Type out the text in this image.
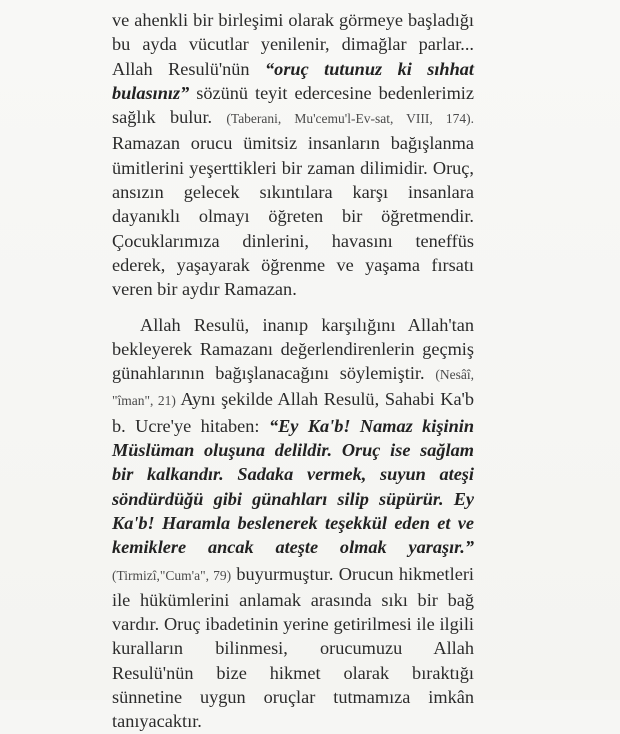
ve ahenkli bir birleşimi olarak görmeye başladığı bu ayda vücutlar yenilenir, dimağlar parlar... Allah Resulü'nün “oruç tutunuz ki sıhhat bulasınız” sözünü teyit edercesine bedenlerimiz sağlık bulur. (Taberani, Mu'cemu'l-Ev-sat, VIII, 174). Ramazan orucu ümitsiz insanların bağışlanma ümitlerini yeşerttikleri bir zaman dilimidir. Oruç, ansızın gelecek sıkıntılara karşı insanlara dayanıklı olmayı öğreten bir öğretmendir. Çocuklarımıza dinlerini, havasını teneffüs ederek, yaşayarak öğrenme ve yaşama fırsatı veren bir aydır Ramazan.

Allah Resulü, inanıp karşılığını Allah'tan bekleyerek Ramazanı değerlendirenlerin geçmiş günahlarının bağışlanacağını söylemiştir. (Nesâî, "îman", 21) Aynı şekilde Allah Resulü, Sahabi Ka'b b. Ucre'ye hitaben: “Ey Ka'b! Namaz kişinin Müslüman oluşuna delildir. Oruç ise sağlam bir kalkandır. Sadaka vermek, suyun ateşi söndürdüğü gibi günahları silip süpürür. Ey Ka'b! Haramla beslenerek teşekkül eden et ve kemiklere ancak ateşte olmak yaraşır.” (Tirmizî,"Cum'a", 79) buyurmuştur. Orucun hikmetleri ile hükümlerini anlamak arasında sıkı bir bağ vardır. Oruç ibadetinin yerine getirilmesi ile ilgili kuralların bilinmesi, orucumuzu Allah Resulü'nün bize hikmet olarak bıraktığı sünnetine uygun oruçlar tutmamıza imkân tanıyacaktır.
